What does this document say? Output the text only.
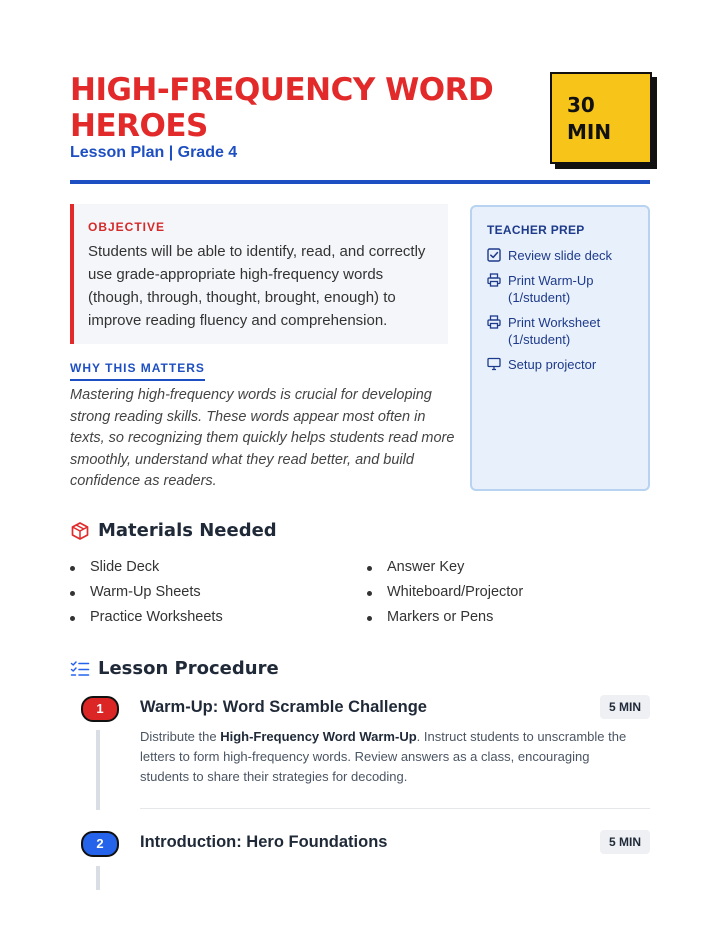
HIGH-FREQUENCY WORD HEROES
Lesson Plan | Grade 4
30
MIN
OBJECTIVE
Students will be able to identify, read, and correctly use grade-appropriate high-frequency words (though, through, thought, brought, enough) to improve reading fluency and comprehension.
WHY THIS MATTERS
Mastering high-frequency words is crucial for developing strong reading skills. These words appear most often in texts, so recognizing them quickly helps students read more smoothly, understand what they read better, and build confidence as readers.
TEACHER PREP
Review slide deck
Print Warm-Up (1/student)
Print Worksheet (1/student)
Setup projector
Materials Needed
Slide Deck
Warm-Up Sheets
Practice Worksheets
Answer Key
Whiteboard/Projector
Markers or Pens
Lesson Procedure
1	Warm-Up: Word Scramble Challenge	5 MIN
Distribute the High-Frequency Word Warm-Up. Instruct students to unscramble the letters to form high-frequency words. Review answers as a class, encouraging students to share their strategies for decoding.
2	Introduction: Hero Foundations	5 MIN
